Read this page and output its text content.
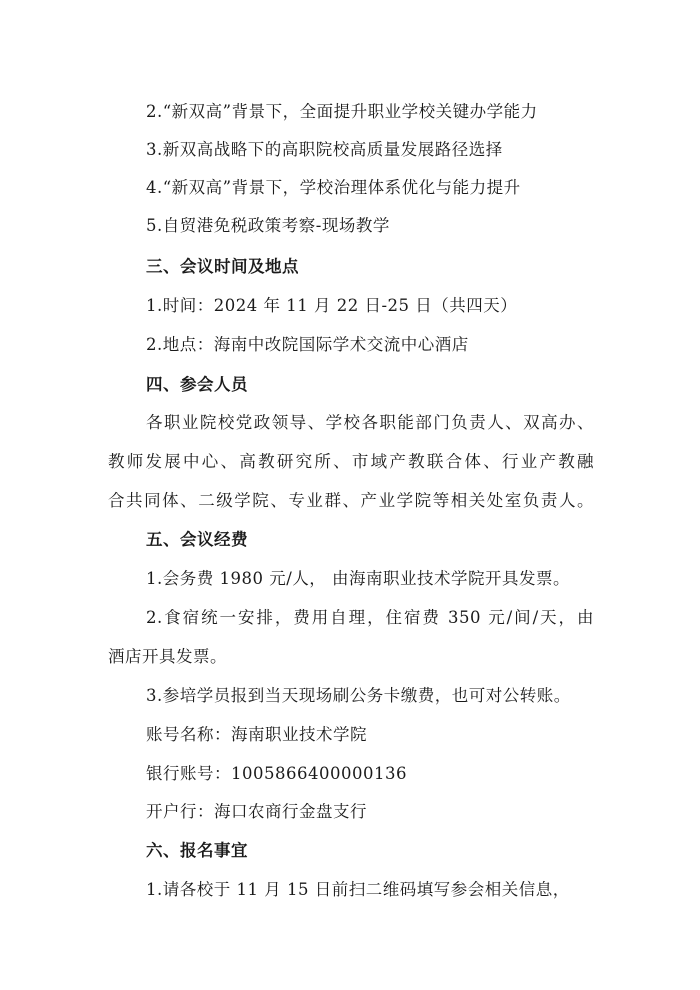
2.“新双高”背景下，全面提升职业学校关键办学能力
3.新双高战略下的高职院校高质量发展路径选择
4.“新双高”背景下，学校治理体系优化与能力提升
5.自贸港免税政策考察-现场教学
三、会议时间及地点
1.时间：2024 年 11 月 22 日-25 日（共四天）
2.地点：海南中改院国际学术交流中心酒店
四、参会人员
各职业院校党政领导、学校各职能部门负责人、双高办、
教师发展中心、高教研究所、市域产教联合体、行业产教融
合共同体、二级学院、专业群、产业学院等相关处室负责人。
五、会议经费
1.会务费 1980 元/人， 由海南职业技术学院开具发票。
2.食宿统一安排，费用自理，住宿费 350 元/间/天，由
酒店开具发票。
3.参培学员报到当天现场刷公务卡缴费，也可对公转账。
账号名称：海南职业技术学院
银行账号：1005866400000136
开户行：海口农商行金盘支行
六、报名事宜
1.请各校于 11 月 15 日前扫二维码填写参会相关信息，
